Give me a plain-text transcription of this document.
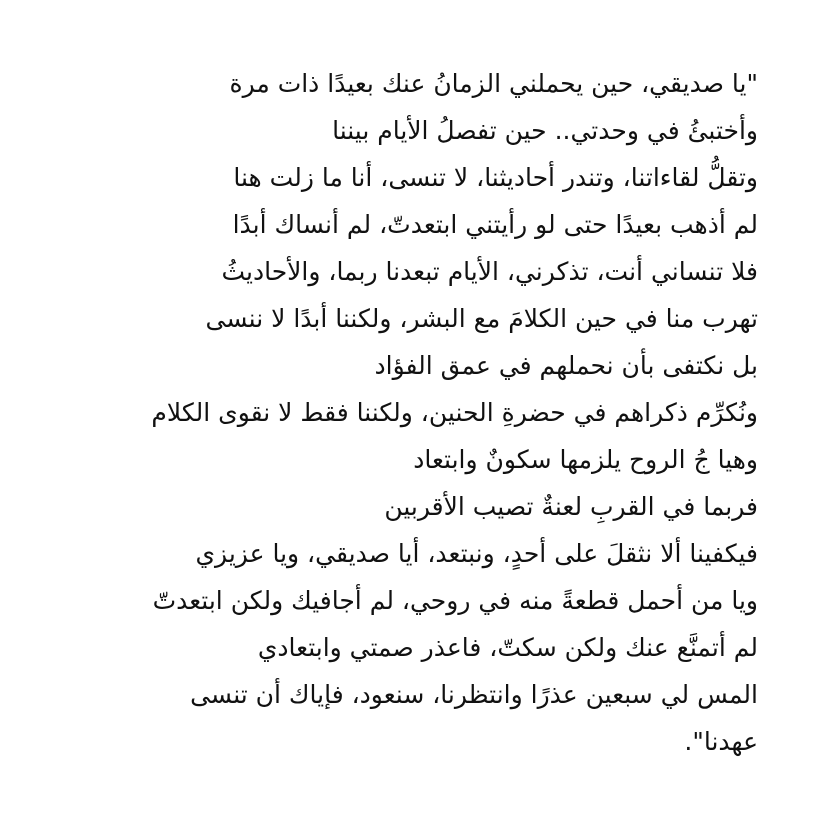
"يا صديقي، حين يحملني الزمانُ عنك بعيدًا ذات مرة
وأختبئُ في وحدتي.. حين تفصلُ الأيام بيننا
وتقلُّ لقاءاتنا، وتندر أحاديثنا، لا تنسى، أنا ما زلت هنا
لم أذهب بعيدًا حتى لو رأيتني ابتعدتّ، لم أنساك أبدًا
فلا تنساني أنت، تذكرني، الأيام تبعدنا ربما، والأحاديثُ
تهرب منا في حين الكلامَ مع البشر، ولكننا أبدًا لا ننسى
بل نكتفى بأن نحملهم في عمق الفؤاد
ونُكرِّم ذكراهم في حضرةِ الحنين، ولكننا فقط لا نقوى الكلام
وهيا جُ الروح يلزمها سكونٌ وابتعاد
فربما في القربِ لعنةٌ تصيب الأقربين
فيكفينا ألا نثقلَ على أحدٍ، ونبتعد، أيا صديقي، ويا عزيزي
ويا من أحمل قطعةً منه في روحي، لم أجافيك ولكن ابتعدتّ
لم أتمنَّع عنك ولكن سكتّ، فاعذر صمتي وابتعادي
المس لي سبعين عذرًا وانتظرنا، سنعود، فإياك أن تنسى
عهدنا".
